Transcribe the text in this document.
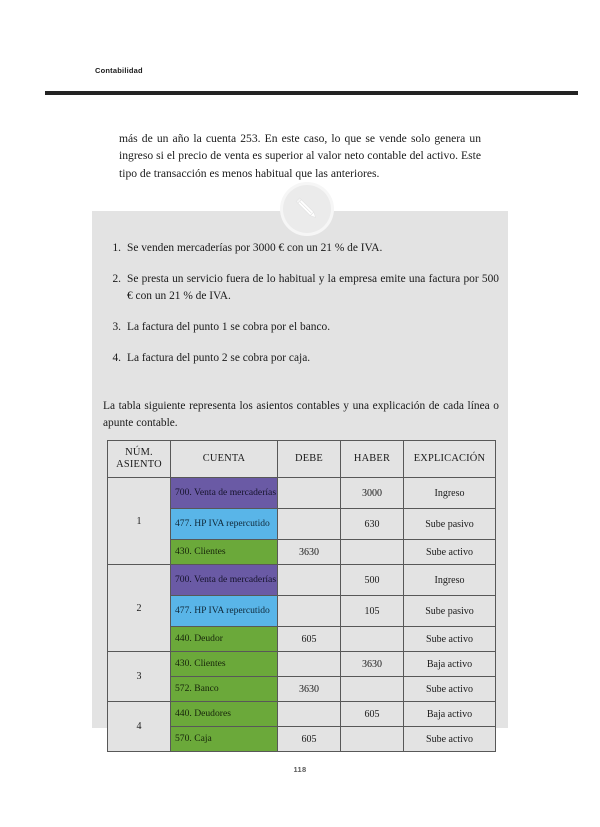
Contabilidad

más de un año la cuenta 253. En este caso, lo que se vende solo genera un ingreso si el precio de venta es superior al valor neto contable del activo. Este tipo de transacción es menos habitual que las anteriores.

1. Se venden mercaderías por 3000 € con un 21 % de IVA.
2. Se presta un servicio fuera de lo habitual y la empresa emite una factura por 500 € con un 21 % de IVA.
3. La factura del punto 1 se cobra por el banco.
4. La factura del punto 2 se cobra por caja.

La tabla siguiente representa los asientos contables y una explicación de cada línea o apunte contable.

NÚM.
ASIENTO	CUENTA	DEBE	HABER	EXPLICACIÓN
1	700. Venta de mercaderías		3000	Ingreso
	477. HP IVA repercutido		630	Sube pasivo
	430. Clientes	3630		Sube activo
2	700. Venta de mercaderías		500	Ingreso
	477. HP IVA repercutido		105	Sube pasivo
	440. Deudor	605		Sube activo
3	430. Clientes		3630	Baja activo
	572. Banco	3630		Sube activo
4	440. Deudores		605	Baja activo
	570. Caja	605		Sube activo
118
